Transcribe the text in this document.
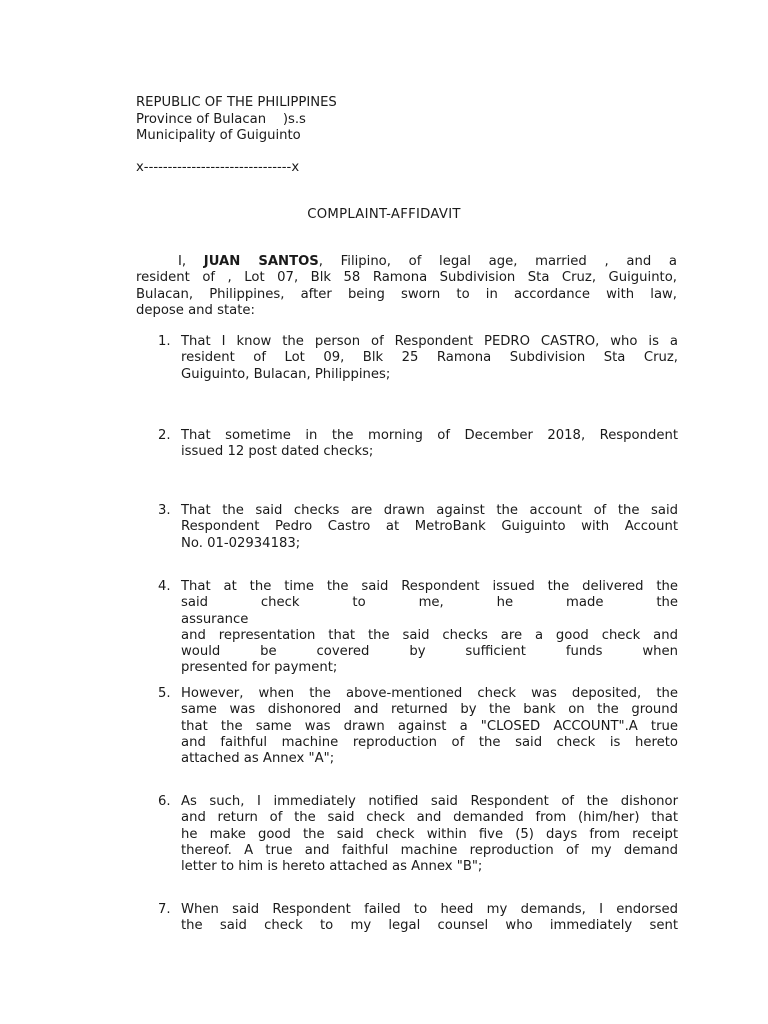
REPUBLIC OF THE PHILIPPINES
Province of Bulacan    )s.s
Municipality of Guiguinto
x-------------------------------x
COMPLAINT-AFFIDAVIT
I, JUAN SANTOS, Filipino, of legal age, married , and a
resident of , Lot 07, Blk 58 Ramona Subdivision Sta Cruz, Guiguinto,
Bulacan, Philippines, after being sworn to in accordance with law,
depose and state:
1. That I know the person of Respondent PEDRO CASTRO, who is a
resident of Lot 09, Blk 25 Ramona Subdivision Sta Cruz,
Guiguinto, Bulacan, Philippines;
2. That sometime in the morning of December 2018, Respondent
issued 12 post dated checks;
3. That the said checks are drawn against the account of the said
Respondent Pedro Castro at MetroBank Guiguinto with Account
No. 01-02934183;
4. That at the time the said Respondent issued the delivered the
said check to me, he made the assurance
and representation that the said checks are a good check and
would be covered by sufficient funds when
presented for payment;
5. However, when the above-mentioned check was deposited, the
same was dishonored and returned by the bank on the ground
that the same was drawn against a "CLOSED ACCOUNT".A true
and faithful machine reproduction of the said check is hereto
attached as Annex "A";
6. As such, I immediately notified said Respondent of the dishonor
and return of the said check and demanded from (him/her) that
he make good the said check within five (5) days from receipt
thereof. A true and faithful machine reproduction of my demand
letter to him is hereto attached as Annex "B";
7. When said Respondent failed to heed my demands, I endorsed
the said check to my legal counsel who immediately sent
